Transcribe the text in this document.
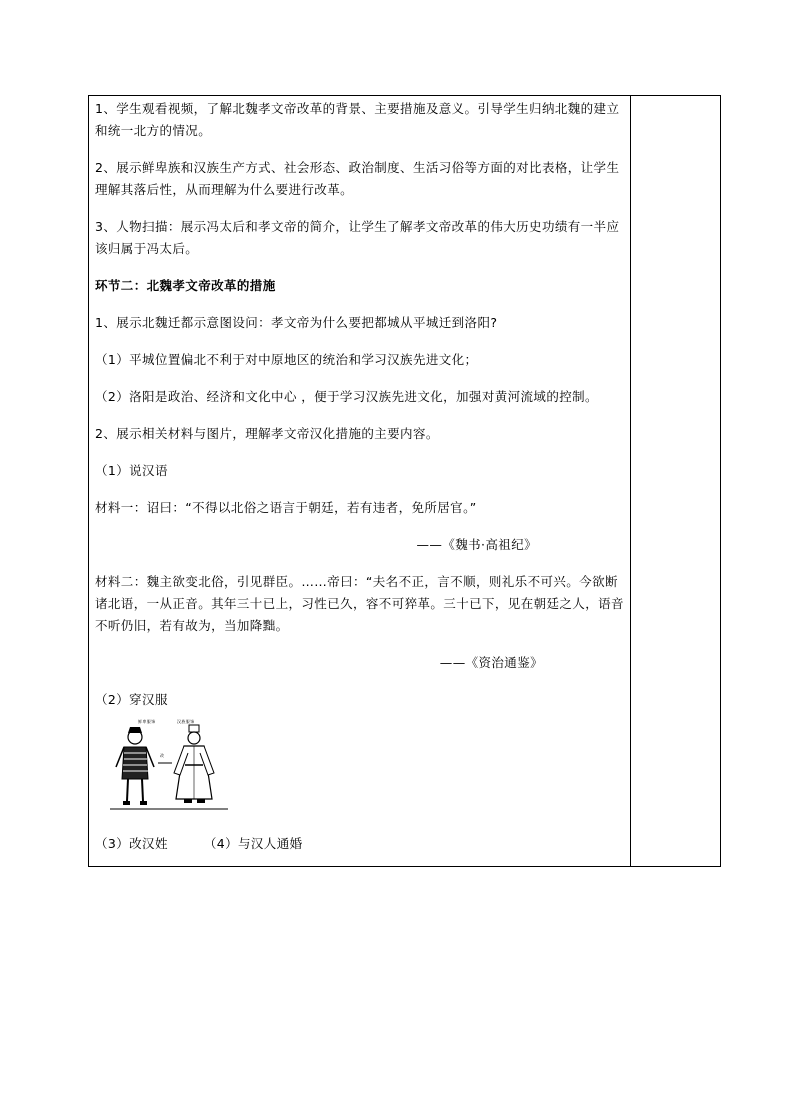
1、学生观看视频，了解北魏孝文帝改革的背景、主要措施及意义。引导学生归纳北魏的建立和统一北方的情况。

2、展示鲜卑族和汉族生产方式、社会形态、政治制度、生活习俗等方面的对比表格，让学生理解其落后性，从而理解为什么要进行改革。

3、人物扫描：展示冯太后和孝文帝的简介，让学生了解孝文帝改革的伟大历史功绩有一半应该归属于冯太后。

环节二：北魏孝文帝改革的措施

1、展示北魏迁都示意图设问：孝文帝为什么要把都城从平城迁到洛阳?

（1）平城位置偏北不利于对中原地区的统治和学习汉族先进文化；

（2）洛阳是政治、经济和文化中心 ，便于学习汉族先进文化，加强对黄河流域的控制。

2、展示相关材料与图片，理解孝文帝汉化措施的主要内容。

（1）说汉语

材料一：诏曰：“不得以北俗之语言于朝廷，若有违者，免所居官。”

——《魏书·高祖纪》

材料二：魏主欲变北俗，引见群臣。……帝曰：“夫名不正，言不顺，则礼乐不可兴。今欲断诸北语，一从正音。其年三十已上，习性已久，容不可猝革。三十已下，见在朝廷之人，语音不听仍旧，若有故为，当加降黜。

——《资治通鉴》

（2）穿汉服

鲜卑服饰
改
汉族服饰

（3）改汉姓	（4）与汉人通婚
